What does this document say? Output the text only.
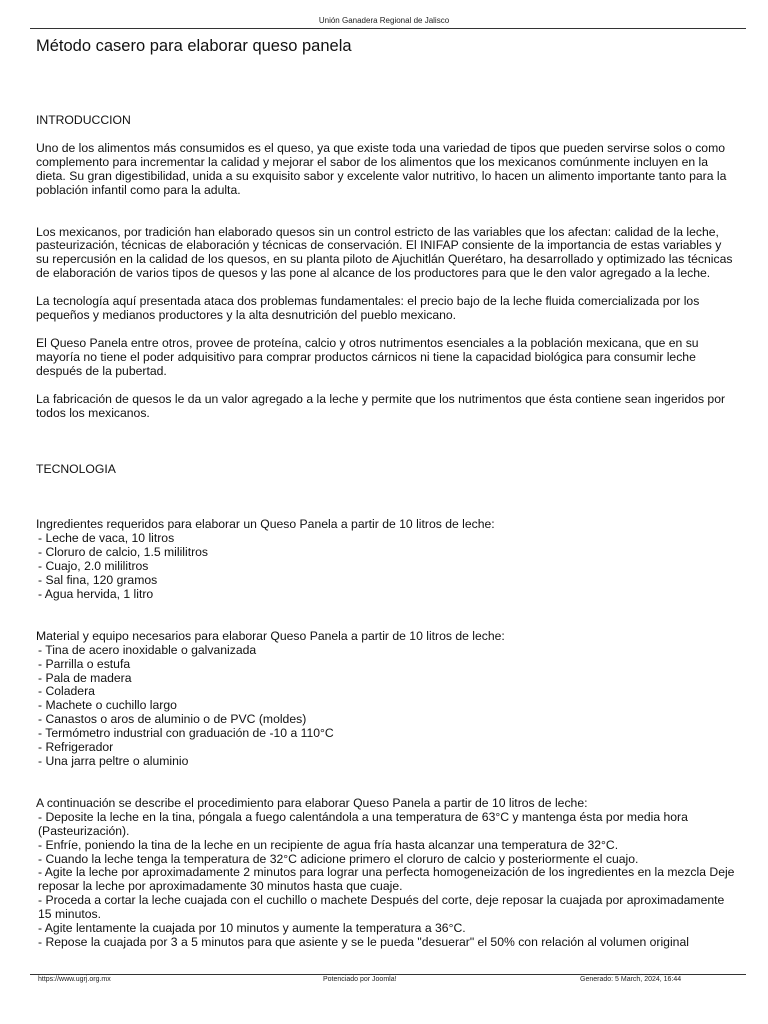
Unión Ganadera Regional de Jalisco
Método casero para elaborar queso panela
INTRODUCCION

Uno de los alimentos más consumidos es el queso, ya que existe toda una variedad de tipos que pueden servirse solos o como complemento para incrementar la calidad y mejorar el sabor de los alimentos que los mexicanos comúnmente incluyen en la dieta. Su gran digestibilidad, unida a su exquisito sabor y excelente valor nutritivo, lo hacen un alimento importante tanto para la población infantil como para la adulta.

Los mexicanos, por tradición han elaborado quesos sin un control estricto de las variables que los afectan: calidad de la leche, pasteurización, técnicas de elaboración y técnicas de conservación. El INIFAP consiente de la importancia de estas variables y su repercusión en la calidad de los quesos, en su planta piloto de Ajuchitlán Querétaro, ha desarrollado y optimizado las técnicas de elaboración de varios tipos de quesos y las pone al alcance de los productores para que le den valor agregado a la leche.

La tecnología aquí presentada ataca dos problemas fundamentales: el precio bajo de la leche fluida comercializada por los pequeños y medianos productores y la alta desnutrición del pueblo mexicano.

El Queso Panela entre otros, provee de proteína, calcio y otros nutrimentos esenciales a la población mexicana, que en su mayoría no tiene el poder adquisitivo para comprar productos cárnicos ni tiene la capacidad biológica para consumir leche después de la pubertad.

La fabricación de quesos le da un valor agregado a la leche y permite que los nutrimentos que ésta contiene sean ingeridos por todos los mexicanos.

TECNOLOGIA
Ingredientes requeridos para elaborar un Queso Panela a partir de 10 litros de leche:
- Leche de vaca, 10 litros
- Cloruro de calcio, 1.5 mililitros
- Cuajo, 2.0 mililitros
- Sal fina, 120 gramos
- Agua hervida, 1 litro
Material y equipo necesarios para elaborar Queso Panela a partir de 10 litros de leche:
- Tina de acero inoxidable o galvanizada
- Parrilla o estufa
- Pala de madera
- Coladera
- Machete o cuchillo largo
- Canastos o aros de aluminio o de PVC (moldes)
- Termómetro industrial con graduación de -10 a 110°C
- Refrigerador
- Una jarra peltre o aluminio
A continuación se describe el procedimiento para elaborar Queso Panela a partir de 10 litros de leche:
- Deposite la leche en la tina, póngala a fuego calentándola a una temperatura de 63°C y mantenga ésta por media hora (Pasteurización).
- Enfríe, poniendo la tina de la leche en un recipiente de agua fría hasta alcanzar una temperatura de 32°C.
- Cuando la leche tenga la temperatura de 32°C adicione primero el cloruro de calcio y posteriormente el cuajo.
- Agite la leche por aproximadamente 2 minutos para lograr una perfecta homogeneización de los ingredientes en la mezcla Deje reposar la leche por aproximadamente 30 minutos hasta que cuaje.
- Proceda a cortar la leche cuajada con el cuchillo o machete Después del corte, deje reposar la cuajada por aproximadamente 15 minutos.
- Agite lentamente la cuajada por 10 minutos y aumente la temperatura a 36°C.
- Repose la cuajada por 3 a 5 minutos para que asiente y se le pueda "desuerar" el 50% con relación al volumen original
https://www.ugrj.org.mx	Potenciado por Joomla!	Generado: 5 March, 2024, 16:44
